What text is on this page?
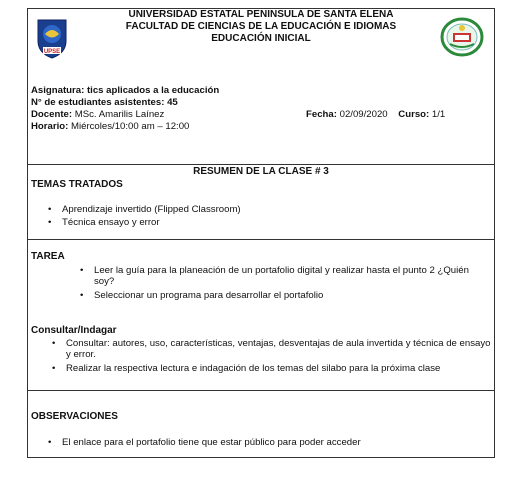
UPSE
UNIVERSIDAD ESTATAL PENINSULA DE SANTA ELENA
FACULTAD DE CIENCIAS DE LA EDUCACIÓN E IDIOMAS
EDUCACIÓN INICIAL
Asignatura: tics aplicados a la educación
N° de estudiantes asistentes: 45
Docente: MSc. Amarilis Laínez
Horario: Miércoles/10:00 am – 12:00
Fecha: 02/09/2020 Curso: 1/1
RESUMEN DE LA CLASE # 3
TEMAS TRATADOS
• Aprendizaje invertido (Flipped Classroom)
• Técnica ensayo y error
TAREA
• Leer la guía para la planeación de un portafolio digital y realizar hasta el punto 2 ¿Quién soy?
• Seleccionar un programa para desarrollar el portafolio
Consultar/Indagar
• Consultar: autores, uso, características, ventajas, desventajas de aula invertida y técnica de ensayo y error.
• Realizar la respectiva lectura e indagación de los temas del silabo para la próxima clase
OBSERVACIONES
• El enlace para el portafolio tiene que estar público para poder acceder
